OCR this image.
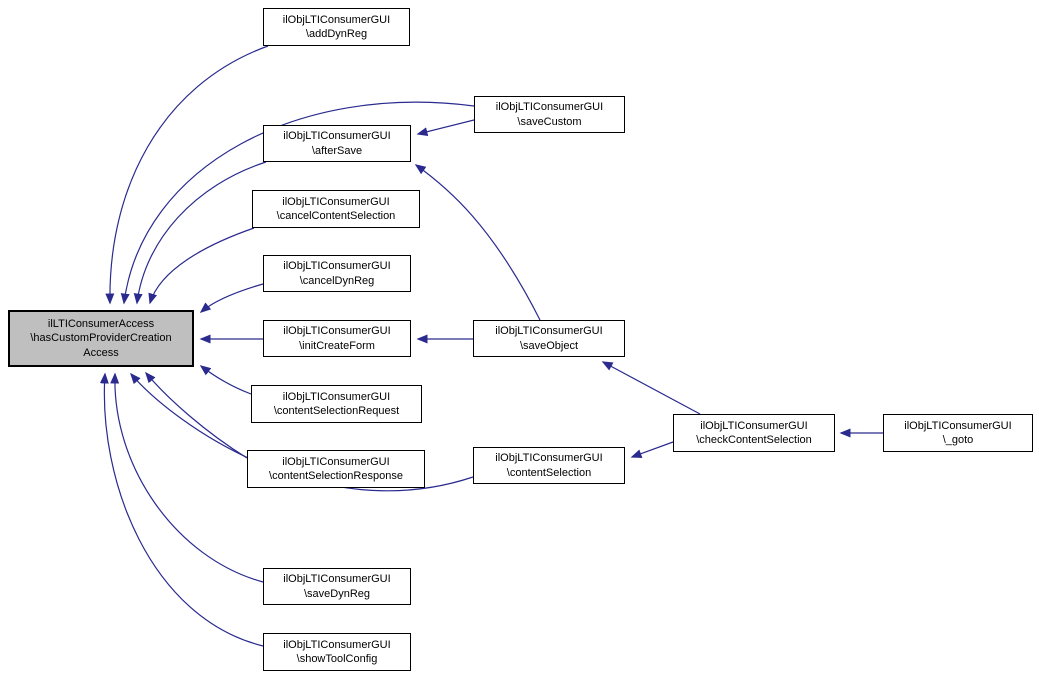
ilLTIConsumerAccess
\hasCustomProviderCreation
Access
ilObjLTIConsumerGUI
\addDynReg
ilObjLTIConsumerGUI
\saveCustom
ilObjLTIConsumerGUI
\afterSave
ilObjLTIConsumerGUI
\cancelContentSelection
ilObjLTIConsumerGUI
\cancelDynReg
ilObjLTIConsumerGUI
\initCreateForm
ilObjLTIConsumerGUI
\contentSelectionRequest
ilObjLTIConsumerGUI
\contentSelectionResponse
ilObjLTIConsumerGUI
\saveDynReg
ilObjLTIConsumerGUI
\showToolConfig
ilObjLTIConsumerGUI
\saveObject
ilObjLTIConsumerGUI
\contentSelection
ilObjLTIConsumerGUI
\checkContentSelection
ilObjLTIConsumerGUI
\_goto
